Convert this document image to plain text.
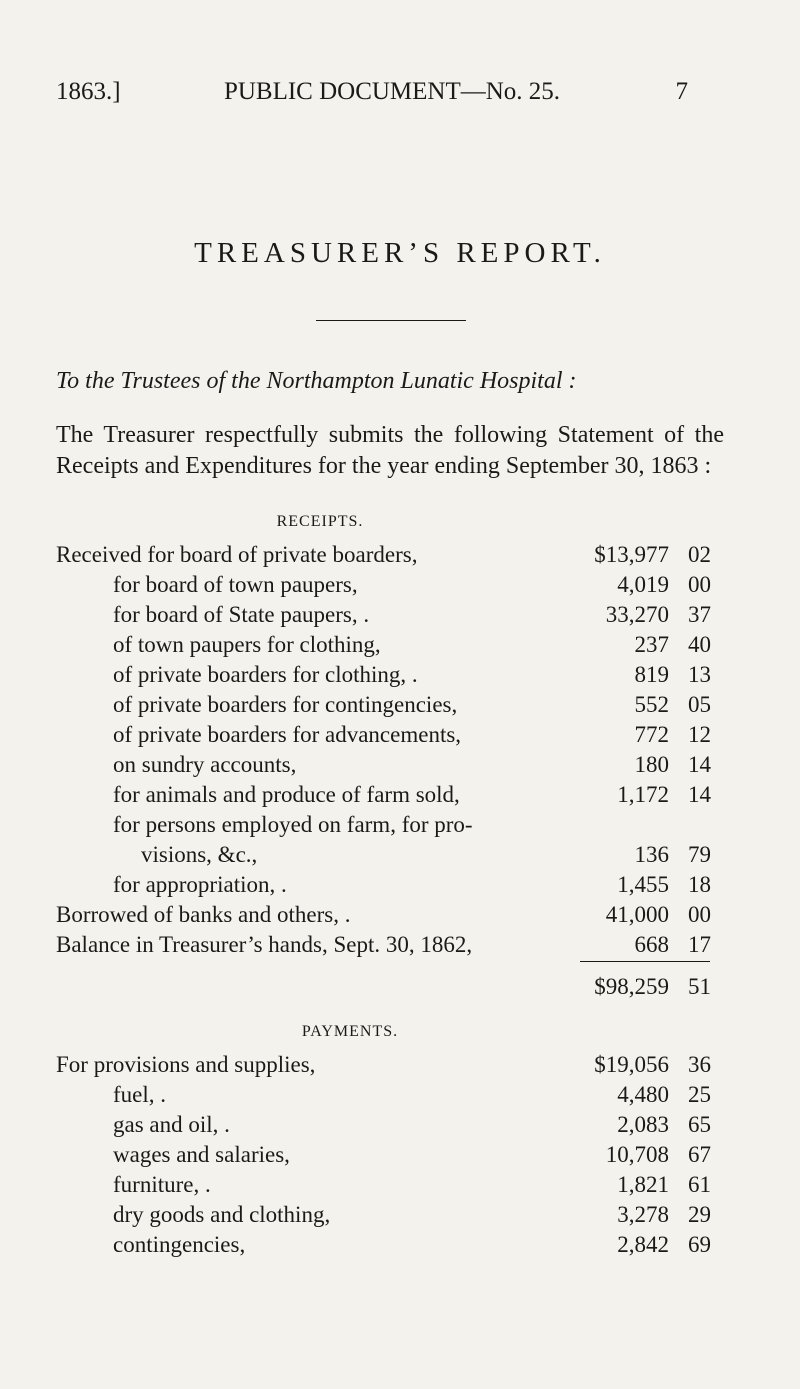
1863.]	PUBLIC DOCUMENT—No. 25.	7
TREASURER’S REPORT.
To the Trustees of the Northampton Lunatic Hospital :
The Treasurer respectfully submits the following Statement of the Receipts and Expenditures for the year ending September 30, 1863 :
RECEIPTS.
Received for board of private boarders,	$13,977 02
for board of town paupers,	4,019 00
for board of State paupers, .	33,270 37
of town paupers for clothing,	237 40
of private boarders for clothing, .	819 13
of private boarders for contingencies,	552 05
of private boarders for advancements,	772 12
on sundry accounts,	180 14
for animals and produce of farm sold,	1,172 14
for persons employed on farm, for pro-
visions, &c.,	136 79
for appropriation, .	1,455 18
Borrowed of banks and others, .	41,000 00
Balance in Treasurer’s hands, Sept. 30, 1862,	668 17
$98,259 51
PAYMENTS.
For provisions and supplies,	$19,056 36
fuel, .	4,480 25
gas and oil, .	2,083 65
wages and salaries,	10,708 67
furniture, .	1,821 61
dry goods and clothing,	3,278 29
contingencies,	2,842 69
